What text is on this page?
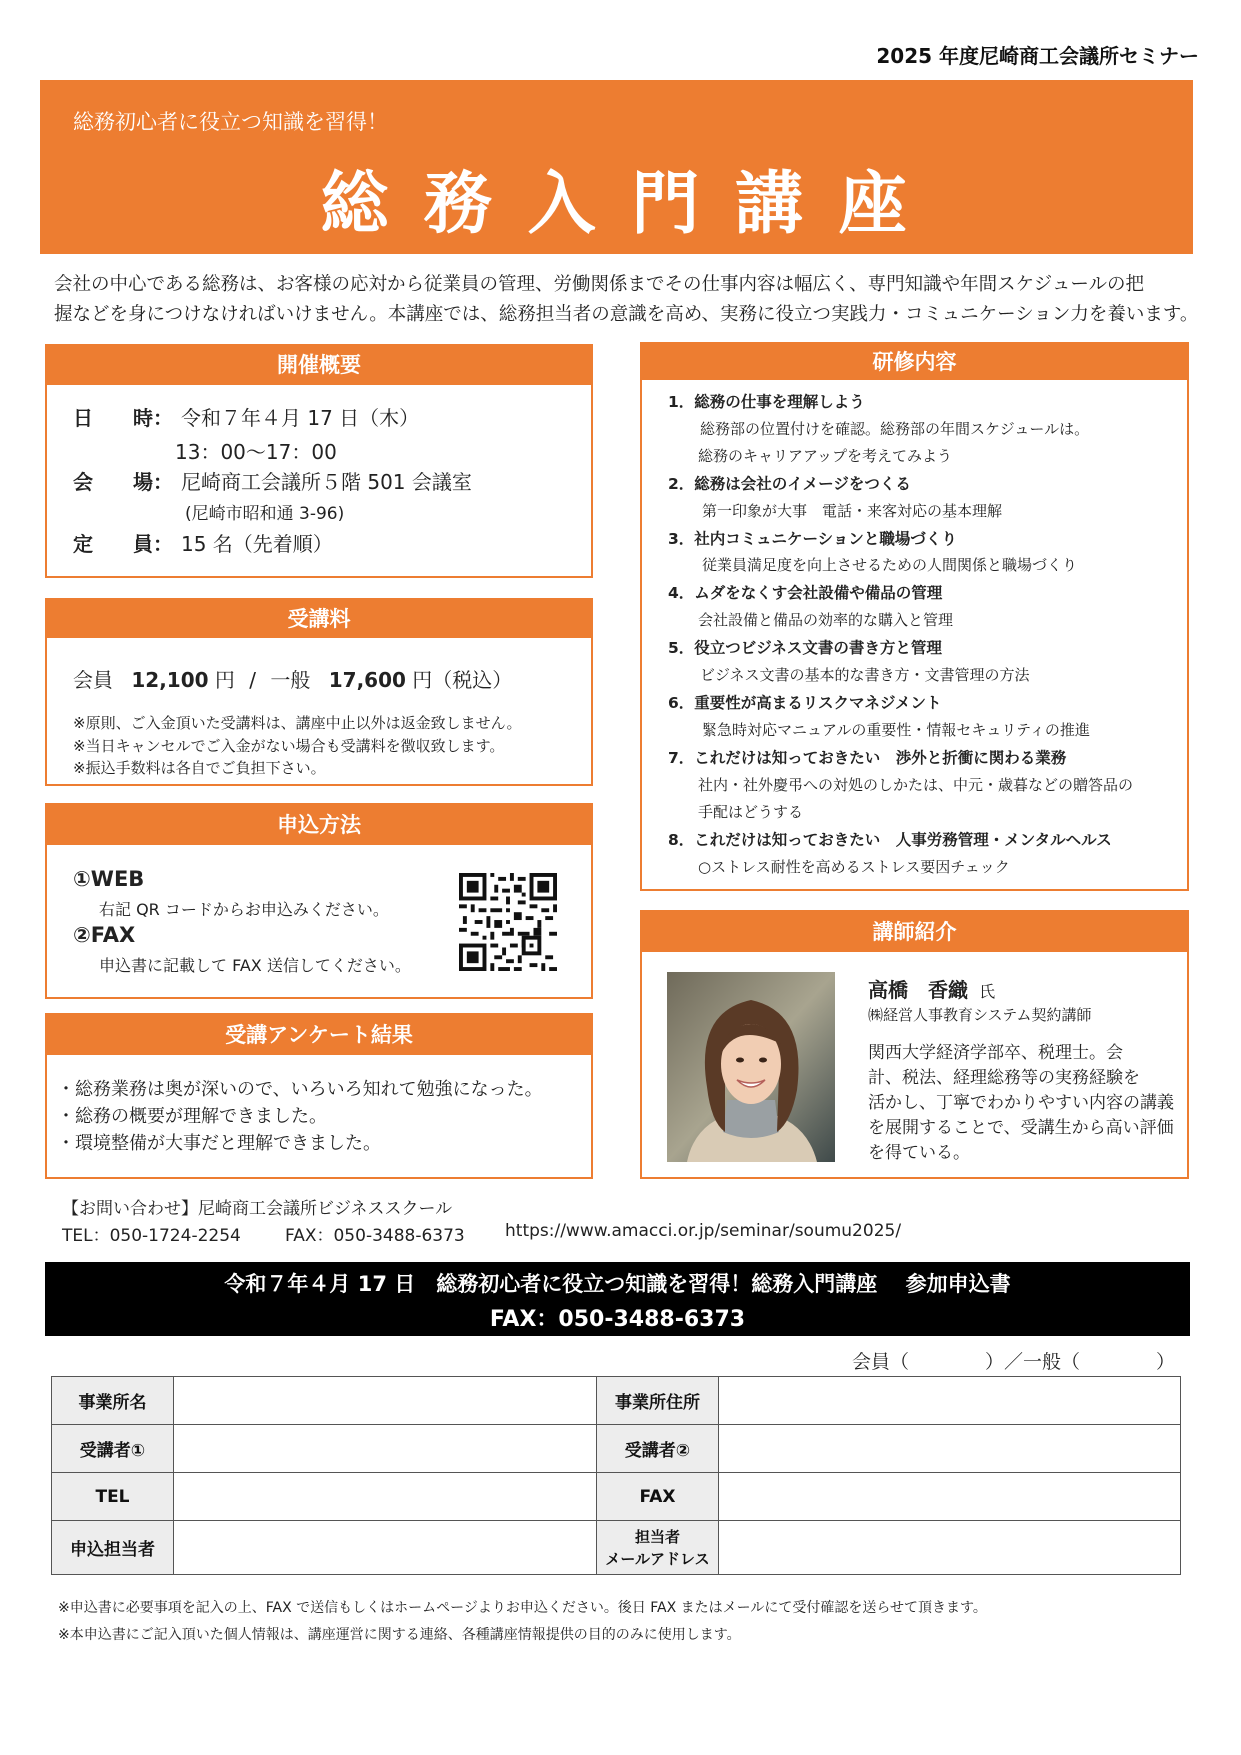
2025 年度尼崎商工会議所セミナー
総務初心者に役立つ知識を習得！
総 務 入 門 講 座
会社の中心である総務は、お客様の応対から従業員の管理、労働関係までその仕事内容は幅広く、専門知識や年間スケジュールの把
握などを身につけなければいけません。本講座では、総務担当者の意識を高め、実務に役立つ実践力・コミュニケーション力を養います。
開催概要
日　　時： 令和７年４月 17 日（木）
13：00〜17：00
会　　場： 尼崎商工会議所５階 501 会議室
(尼崎市昭和通 3-96)
定　　員： 15 名（先着順）
受講料
会員 12,100 円 / 一般 17,600 円（税込）
※原則、ご入金頂いた受講料は、講座中止以外は返金致しません。
※当日キャンセルでご入金がない場合も受講料を徴収致します。
※振込手数料は各自でご負担下さい。
申込方法
①WEB
右記 QR コードからお申込みください。
②FAX
申込書に記載して FAX 送信してください。
受講アンケート結果
・総務業務は奥が深いので、いろいろ知れて勉強になった。
・総務の概要が理解できました。
・環境整備が大事だと理解できました。
研修内容
1．総務の仕事を理解しよう
総務部の位置付けを確認。総務部の年間スケジュールは。
総務のキャリアアップを考えてみよう
2．総務は会社のイメージをつくる
第一印象が大事　電話・来客対応の基本理解
3．社内コミュニケーションと職場づくり
従業員満足度を向上させるための人間関係と職場づくり
4．ムダをなくす会社設備や備品の管理
会社設備と備品の効率的な購入と管理
5．役立つビジネス文書の書き方と管理
ビジネス文書の基本的な書き方・文書管理の方法
6．重要性が高まるリスクマネジメント
緊急時対応マニュアルの重要性・情報セキュリティの推進
7．これだけは知っておきたい　渉外と折衝に関わる業務
社内・社外慶弔への対処のしかたは、中元・歳暮などの贈答品の
手配はどうする
8．これだけは知っておきたい　人事労務管理・メンタルヘルス
○ストレス耐性を高めるストレス要因チェック
講師紹介
高橋　香織 氏
㈱経営人事教育システム契約講師
関西大学経済学部卒、税理士。会
計、税法、経理総務等の実務経験を
活かし、丁寧でわかりやすい内容の講義
を展開することで、受講生から高い評価
を得ている。
【お問い合わせ】尼崎商工会議所ビジネススクール
TEL：050-1724-2254	FAX：050-3488-6373 https://www.amacci.or.jp/seminar/soumu2025/
令和７年４月 17 日　総務初心者に役立つ知識を習得！総務入門講座　 参加申込書
FAX：050-3488-6373
会員（　　　　）／一般（　　　　）
事業所名		事業所住所	
受講者①		受講者②	
TEL		FAX	
申込担当者		担当者
メールアドレス	

※申込書に必要事項を記入の上、FAX で送信もしくはホームページよりお申込ください。後日 FAX またはメールにて受付確認を送らせて頂きます。
※本申込書にご記入頂いた個人情報は、講座運営に関する連絡、各種講座情報提供の目的のみに使用します。
